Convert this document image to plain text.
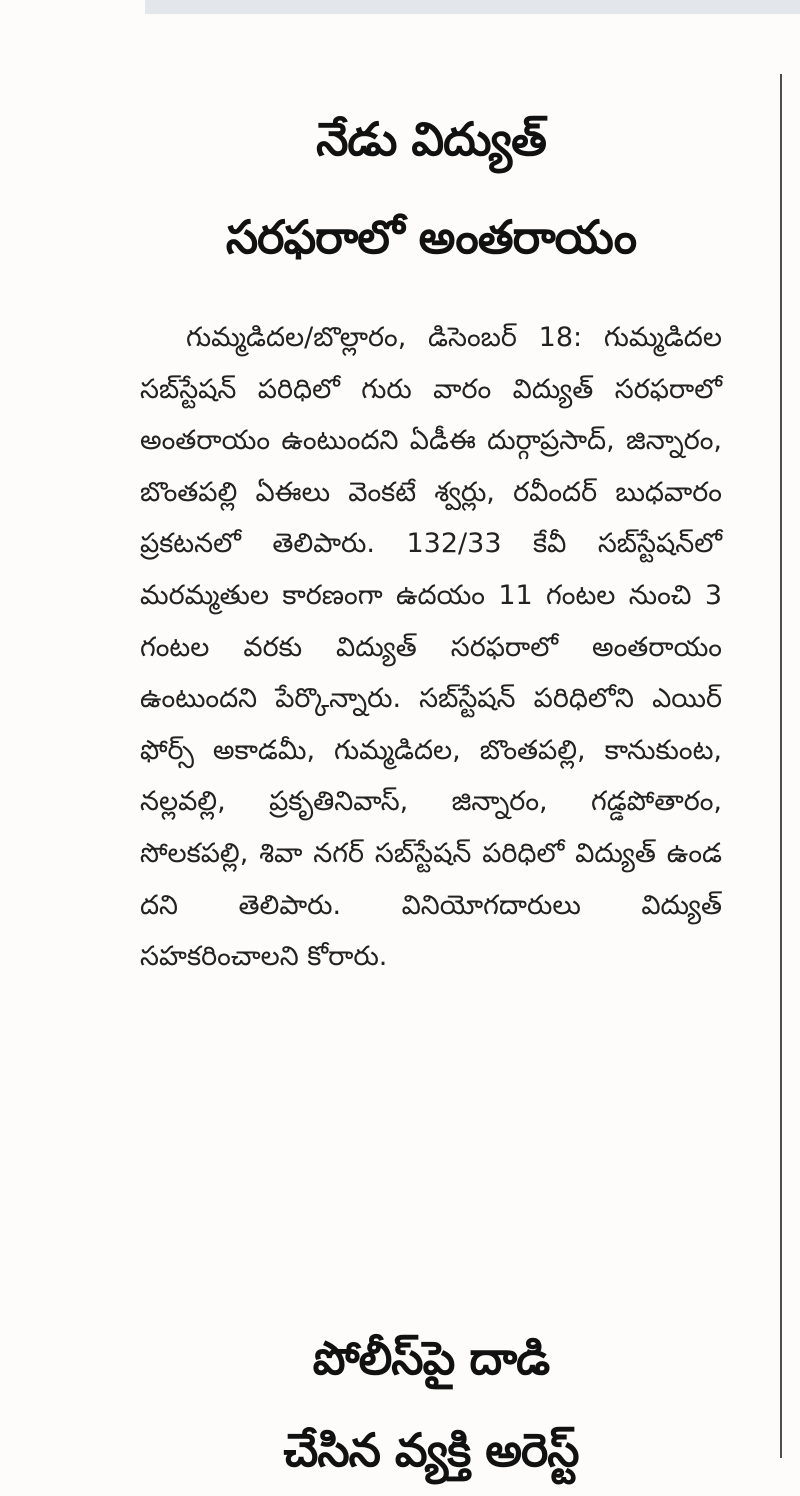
నేడు విద్యుత్
సరఫరాలో అంతరాయం

గుమ్మడిదల/బొల్లారం, డిసెంబర్ 18: గుమ్మడిదల సబ్‌స్టేషన్ పరిధిలో గురు వారం విద్యుత్ సరఫరాలో అంతరాయం ఉంటుందని ఏడీఈ దుర్గాప్రసాద్, జిన్నారం, బొంతపల్లి ఏఈలు వెంకటే శ్వర్లు, రవీందర్ బుధవారం ప్రకటనలో తెలిపారు. 132/33 కేవీ సబ్‌స్టేషన్‌లో మరమ్మతుల కారణంగా ఉదయం 11 గంటల నుంచి 3 గంటల వరకు విద్యుత్ సరఫరాలో అంతరాయం ఉంటుందని పేర్కొన్నారు. సబ్‌స్టేషన్ పరిధిలోని ఎయిర్ ఫోర్స్ అకాడమీ, గుమ్మడిదల, బొంతపల్లి, కానుకుంట, నల్లవల్లి, ప్రకృతినివాస్, జిన్నారం, గడ్డపోతారం, సోలకపల్లి, శివా నగర్ సబ్‌స్టేషన్ పరిధిలో విద్యుత్ ఉండ దని తెలిపారు. వినియోగదారులు విద్యుత్ సహకరించాలని కోరారు.

పోలీస్‌పై దాడి
చేసిన వ్యక్తి అరెస్ట్
